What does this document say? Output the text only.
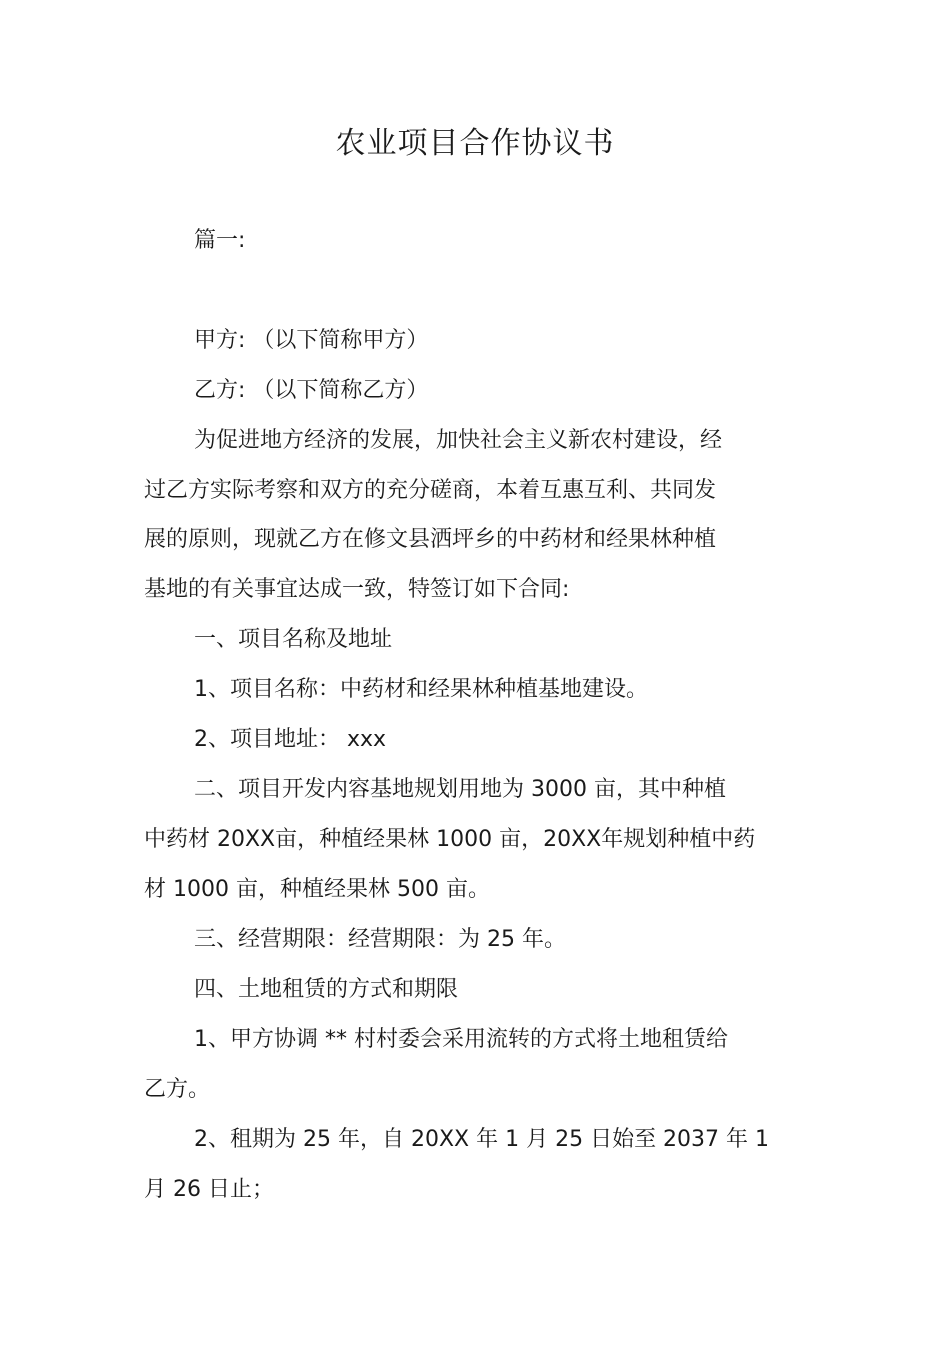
农业项目合作协议书
篇一:
甲方: （以下简称甲方）
乙方: （以下简称乙方）
为促进地方经济的发展，加快社会主义新农村建设，经
过乙方实际考察和双方的充分磋商，本着互惠互利、共同发
展的原则，现就乙方在修文县洒坪乡的中药材和经果林种植
基地的有关事宜达成一致，特签订如下合同:
一、项目名称及地址
1、项目名称：中药材和经果林种植基地建设。
2、项目地址： xxx
二、项目开发内容基地规划用地为 3000 亩，其中种植
中药材 20XX亩，种植经果林 1000 亩，20XX年规划种植中药
材 1000 亩，种植经果林 500 亩。
三、经营期限：经营期限：为 25 年。
四、土地租赁的方式和期限
1、甲方协调 ** 村村委会采用流转的方式将土地租赁给
乙方。
2、租期为 25 年，自 20XX 年 1 月 25 日始至 2037 年 1
月 26 日止；
